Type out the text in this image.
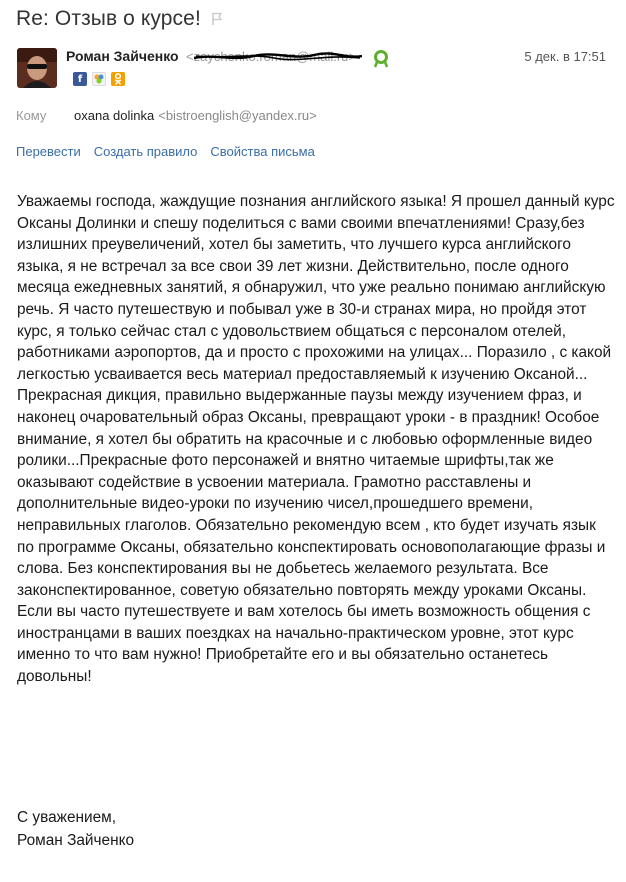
Re: Отзыв о курсе!
Роман Зайченко <zaychenko.roman@mail.ru>	5 дек. в 17:51
f
Кому	oxana dolinka <bistroenglish@yandex.ru>
Перевести Создать правило Свойства письма

Уважаемы господа, жаждущие познания английского языка! Я прошел данный курс Оксаны Долинки и спешу поделиться с вами своими впечатлениями! Сразу,без излишних преувеличений, хотел бы заметить, что лучшего курса английского языка, я не встречал за все свои 39 лет жизни. Действительно, после одного месяца ежедневных занятий, я обнаружил, что уже реально понимаю английскую речь. Я часто путешествую и побывал уже в 30-и странах мира, но пройдя этот курс, я только сейчас стал с удовольствием общаться с персоналом отелей, работниками аэропортов, да и просто с прохожими на улицах... Поразило , с какой легкостью усваивается весь материал предоставляемый к изучению Оксаной... Прекрасная дикция, правильно выдержанные паузы между изучением фраз, и наконец очаровательный образ Оксаны, превращают уроки - в праздник! Особое внимание, я хотел бы обратить на красочные и с любовью оформленные видео ролики...Прекрасные фото персонажей и внятно читаемые шрифты,так же оказывают содействие в усвоении материала. Грамотно расставлены и дополнительные видео-уроки по изучению чисел,прошедшего времени, неправильных глаголов. Обязательно рекомендую всем , кто будет изучать язык по программе Оксаны, обязательно конспектировать основополагающие фразы и слова. Без конспектирования вы не добьетесь желаемого результата. Все законспектированное, советую обязательно повторять между уроками Оксаны. Если вы часто путешествуете и вам хотелось бы иметь возможность общения с иностранцами в ваших поездках на начально-практическом уровне, этот курс именно то что вам нужно! Приобретайте его и вы обязательно останетесь довольны!

С уважением,
Роман Зайченко
